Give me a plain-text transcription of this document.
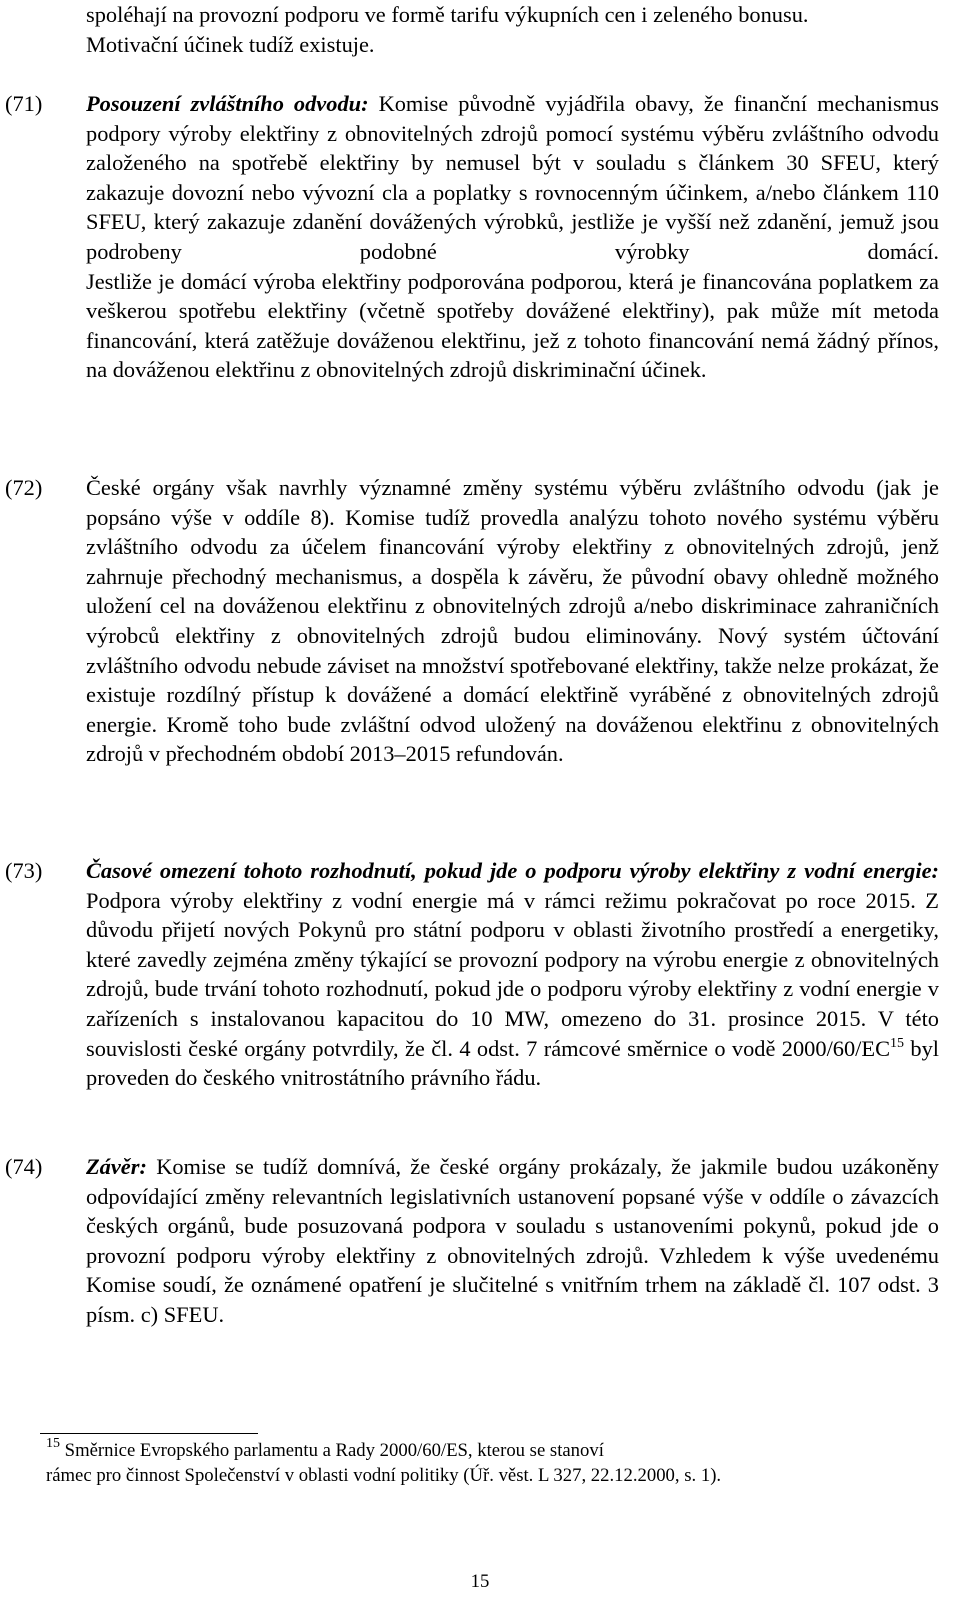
spoléhají na provozní podporu ve formě tarifu výkupních cen i zeleného bonusu.
Motivační účinek tudíž existuje.
(71) Posouzení zvláštního odvodu: Komise původně vyjádřila obavy, že finanční mechanismus podpory výroby elektřiny z obnovitelných zdrojů pomocí systému výběru zvláštního odvodu založeného na spotřebě elektřiny by nemusel být v souladu s článkem 30 SFEU, který zakazuje dovozní nebo vývozní cla a poplatky s rovnocenným účinkem, a/nebo článkem 110 SFEU, který zakazuje zdanění dovážených výrobků, jestliže je vyšší než zdanění, jemuž jsou podrobeny podobné výrobky domácí.
Jestliže je domácí výroba elektřiny podporována podporou, která je financována poplatkem za veškerou spotřebu elektřiny (včetně spotřeby dovážené elektřiny), pak může mít metoda financování, která zatěžuje dováženou elektřinu, jež z tohoto financování nemá žádný přínos, na dováženou elektřinu z obnovitelných zdrojů diskriminační účinek.
(72) České orgány však navrhly významné změny systému výběru zvláštního odvodu (jak je popsáno výše v oddíle 8). Komise tudíž provedla analýzu tohoto nového systému výběru zvláštního odvodu za účelem financování výroby elektřiny z obnovitelných zdrojů, jenž zahrnuje přechodný mechanismus, a dospěla k závěru, že původní obavy ohledně možného uložení cel na dováženou elektřinu z obnovitelných zdrojů a/nebo diskriminace zahraničních výrobců elektřiny z obnovitelných zdrojů budou eliminovány. Nový systém účtování zvláštního odvodu nebude záviset na množství spotřebované elektřiny, takže nelze prokázat, že existuje rozdílný přístup k dovážené a domácí elektřině vyráběné z obnovitelných zdrojů energie. Kromě toho bude zvláštní odvod uložený na dováženou elektřinu z obnovitelných zdrojů v přechodném období 2013–2015 refundován.
(73) Časové omezení tohoto rozhodnutí, pokud jde o podporu výroby elektřiny z vodní energie: Podpora výroby elektřiny z vodní energie má v rámci režimu pokračovat po roce 2015. Z důvodu přijetí nových Pokynů pro státní podporu v oblasti životního prostředí a energetiky, které zavedly zejména změny týkající se provozní podpory na výrobu energie z obnovitelných zdrojů, bude trvání tohoto rozhodnutí, pokud jde o podporu výroby elektřiny z vodní energie v zařízeních s instalovanou kapacitou do 10 MW, omezeno do 31. prosince 2015. V této souvislosti české orgány potvrdily, že čl. 4 odst. 7 rámcové směrnice o vodě 2000/60/EC$^{15}$ byl proveden do českého vnitrostátního právního řádu.
(74) Závěr: Komise se tudíž domnívá, že české orgány prokázaly, že jakmile budou uzákoněny odpovídající změny relevantních legislativních ustanovení popsané výše v oddíle o závazcích českých orgánů, bude posuzovaná podpora v souladu s ustanoveními pokynů, pokud jde o provozní podporu výroby elektřiny z obnovitelných zdrojů. Vzhledem k výše uvedenému Komise soudí, že oznámené opatření je slučitelné s vnitřním trhem na základě čl. 107 odst. 3 písm. c) SFEU.
$^{15}$ Směrnice Evropského parlamentu a Rady 2000/60/ES, kterou se stanoví
rámec pro činnost Společenství v oblasti vodní politiky (Úř. věst. L 327, 22.12.2000, s. 1).
15
